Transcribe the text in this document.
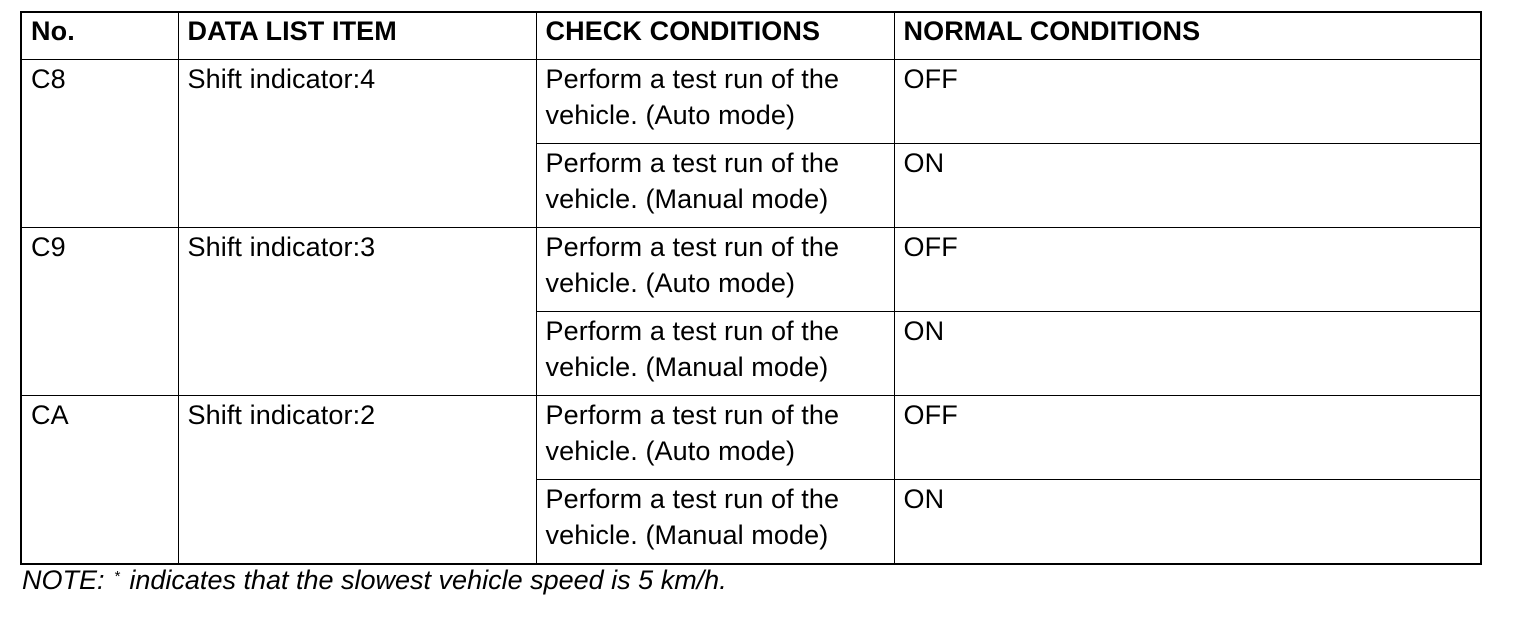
No.	DATA LIST ITEM	CHECK CONDITIONS	NORMAL CONDITIONS
C8	Shift indicator:4	Perform a test run of the vehicle. (Auto mode)	OFF
		Perform a test run of the vehicle. (Manual mode)	ON
C9	Shift indicator:3	Perform a test run of the vehicle. (Auto mode)	OFF
		Perform a test run of the vehicle. (Manual mode)	ON
CA	Shift indicator:2	Perform a test run of the vehicle. (Auto mode)	OFF
		Perform a test run of the vehicle. (Manual mode)	ON
NOTE: * indicates that the slowest vehicle speed is 5 km/h.
